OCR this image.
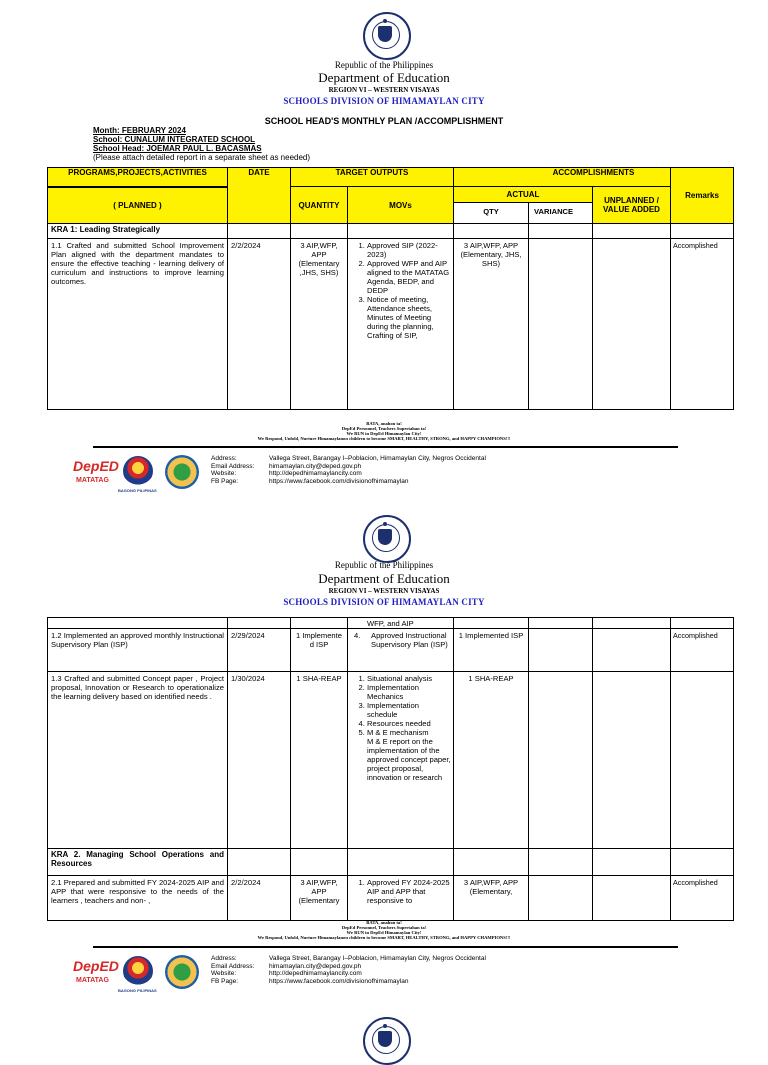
Republic of the Philippines
Department of Education
REGION VI – WESTERN VISAYAS
SCHOOLS DIVISION OF HIMAMAYLAN CITY
SCHOOL HEAD'S MONTHLY PLAN /ACCOMPLISHMENT
Month: FEBRUARY 2024
School: CUNALUM INTEGRATED SCHOOL
School Head: JOEMAR PAUL L. BACASMAS
(Please attach detailed report in a separate sheet as needed)
PROGRAMS,PROJECTS,ACTIVITIES
( PLANNED )
DATE	TARGET OUTPUTS
QUANTITY	MOVs
ACCOMPLISHMENTS
ACTUAL
QTY	VARIANCE
UNPLANNED / VALUE ADDED
Remarks
KRA 1: Leading Strategically
1.1 Crafted and submitted School Improvement Plan aligned with the department mandates to ensure the effective teaching - learning delivery of curriculum and instructions to improve learning outcomes.
2/2/2024	3 AIP,WFP, APP (Elementary ,JHS, SHS)
1. Approved SIP (2022-2023)
2. Approved WFP and AIP aligned to the MATATAG Agenda, BEDP, and DEDP
3. Notice of meeting, Attendance sheets, Minutes of Meeting during the planning, Crafting of SIP,
3 AIP,WFP, APP (Elementary, JHS, SHS)
Accomplished
BATA, anahon ta!
DepEd Personnel, Teachers Supertahan ta!
We RUN in DepEd Himamaylan City!
We Respond, Unfold, Nurture Himamaylanon children to become SMART, HEALTHY, STRONG, and HAPPY CHAMPIONS!!!
DepED
MATATAG
BAGONG PILIPINAS
Address:	Vallega Street, Barangay I–Poblacion, Himamaylan City, Negros Occidental
Email Address: himamaylan.city@deped.gov.ph
Website:	http://depedhimamaylancity.com
FB Page:	https://www.facebook.com/divisionofhimamaylan
Republic of the Philippines
Department of Education
REGION VI – WESTERN VISAYAS
SCHOOLS DIVISION OF HIMAMAYLAN CITY
WFP, and AIP
1.2 Implemented an approved monthly Instructional Supervisory Plan (ISP)
2/29/2024	1 Implemente d ISP
4.	Approved Instructional Supervisory Plan (ISP)
1 Implemented ISP	Accomplished
1.3 Crafted and submitted Concept paper , Project proposal, Innovation or Research to operationalize the learning delivery based on identified needs .
1/30/2024	1 SHA-REAP
1.	Situational analysis
2. Implementation Mechanics
3. Implementation schedule
4. Resources needed
5. M & E mechanism
M & E report on the implementation of the approved concept paper, project proposal, innovation or research
1 SHA-REAP
KRA 2. Managing School Operations and Resources
2.1 Prepared and submitted FY 2024-2025 AIP and APP that were responsive to the needs of the learners , teachers and non- ,
2/2/2024	3 AIP,WFP, APP (Elementary
1. Approved FY 2024-2025 AIP and APP that responsive to
3 AIP,WFP, APP (Elementary,
Accomplished
BATA, anahon ta!
DepEd Personnel, Teachers Supertahan ta!
We RUN in DepEd Himamaylan City!
We Respond, Unfold, Nurture Himamaylanon children to become SMART, HEALTHY, STRONG, and HAPPY CHAMPIONS!!!
DepED
MATATAG
BAGONG PILIPINAS
Address:	Vallega Street, Barangay I–Poblacion, Himamaylan City, Negros Occidental
Email Address: himamaylan.city@deped.gov.ph
Website:	http://depedhimamaylancity.com
FB Page:	https://www.facebook.com/divisionofhimamaylan
